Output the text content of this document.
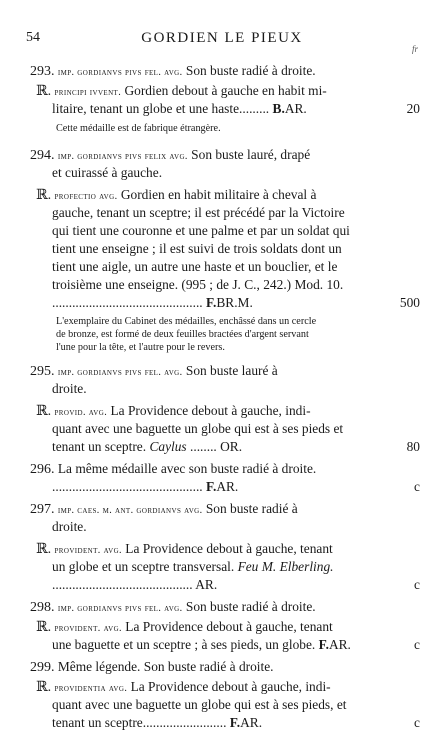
54	GORDIEN LE PIEUX
fr
293. imp. gordianvs pivs fel. avg. Son buste radié à droite.
ℝ. principi ivvent. Gordien debout à gauche en habit mi-
litaire, tenant un globe et une haste......... B.AR.	20
Cette médaille est de fabrique étrangère.
294. imp. gordianvs pivs felix avg. Son buste lauré, drapé
et cuirassé à gauche.
ℝ. profectio avg. Gordien en habit militaire à cheval à
gauche, tenant un sceptre; il est précédé par la Victoire
qui tient une couronne et une palme et par un soldat qui
tient une enseigne ; il est suivi de trois soldats dont un
tient une aigle, un autre une haste et un bouclier, et le
troisième une enseigne. (995 ; de J. C., 242.) Mod. 10.
............................................. F.BR.M.	500
L'exemplaire du Cabinet des médailles, enchâssé dans un cercle
de bronze, est formé de deux feuilles bractées d'argent servant
l'une pour la tête, et l'autre pour le revers.
295. imp. gordianvs pivs fel. avg. Son buste lauré à
droite.
ℝ. provid. avg. La Providence debout à gauche, indi-
quant avec une baguette un globe qui est à ses pieds et
tenant un sceptre. Caylus ........ OR.	80
296. La même médaille avec son buste radié à droite.
............................................. F.AR.	c
297. imp. caes. m. ant. gordianvs avg. Son buste radié à
droite.
ℝ. provident. avg. La Providence debout à gauche, tenant
un globe et un sceptre transversal. Feu M. Elberling.
.......................................... AR.	c
298. imp. gordianvs pivs fel. avg. Son buste radié à droite.
ℝ. provident. avg. La Providence debout à gauche, tenant
une baguette et un sceptre ; à ses pieds, un globe. F.AR.	c
299. Même légende. Son buste radié à droite.
ℝ. providentia avg. La Providence debout à gauche, indi-
quant avec une baguette un globe qui est à ses pieds, et
tenant un sceptre......................... F.AR.	c
